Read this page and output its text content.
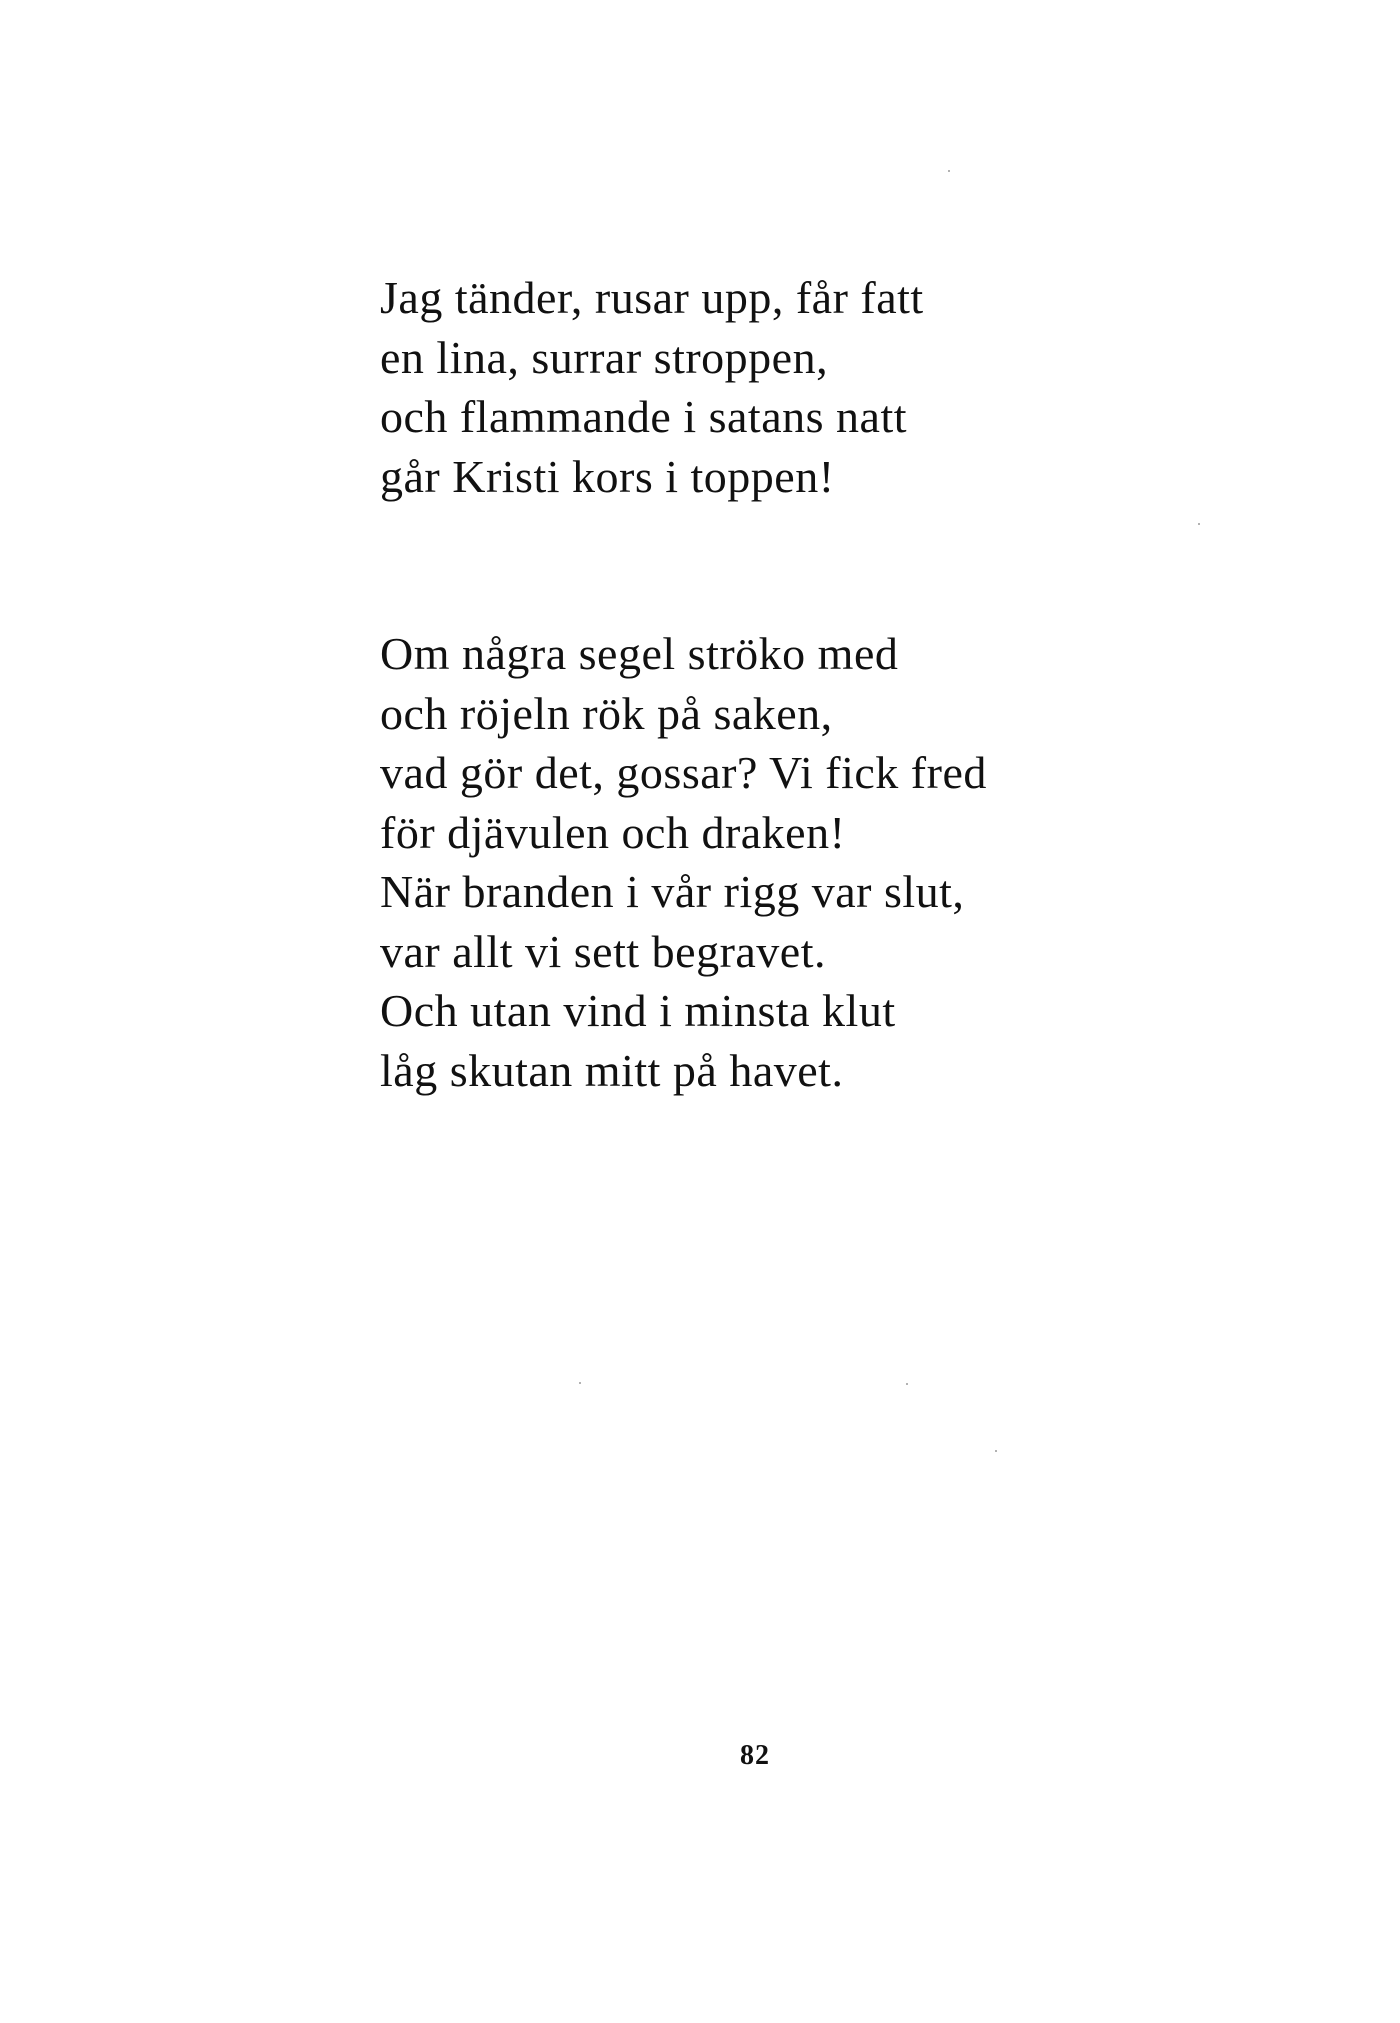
Jag tänder, rusar upp, får fatt
en lina, surrar stroppen,
och flammande i satans natt
går Kristi kors i toppen!
Om några segel ströko med
och röjeln rök på saken,
vad gör det, gossar? Vi fick fred
för djävulen och draken!
När branden i vår rigg var slut,
var allt vi sett begravet.
Och utan vind i minsta klut
låg skutan mitt på havet.
82
